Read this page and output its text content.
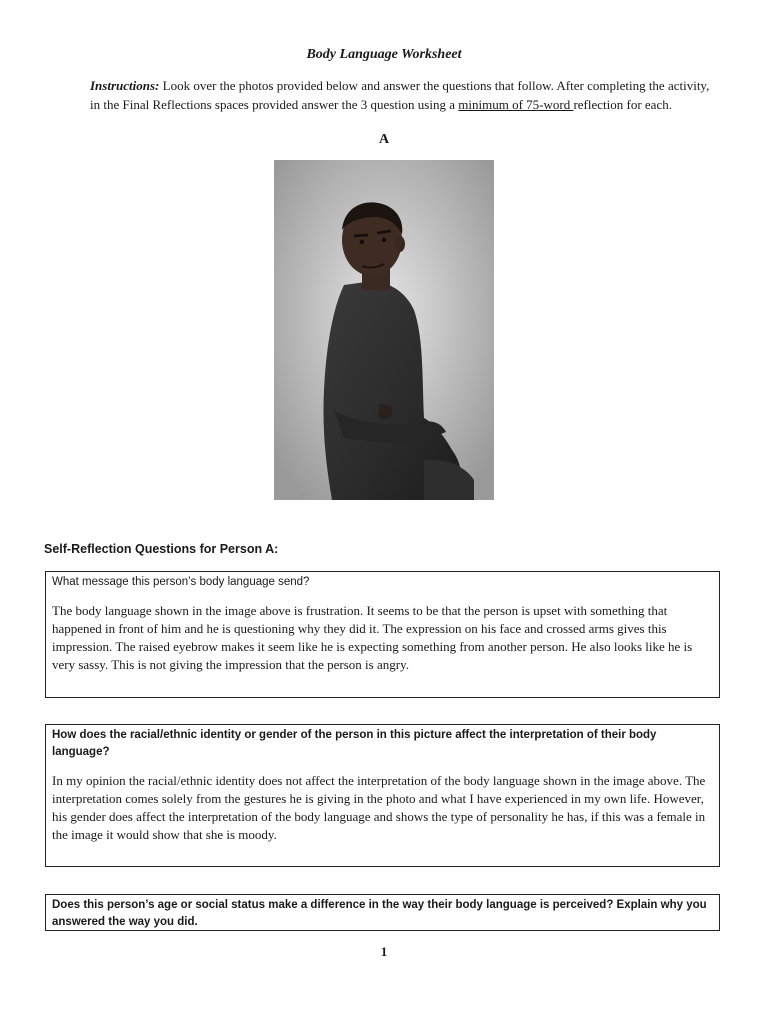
Body Language Worksheet
Instructions: Look over the photos provided below and answer the questions that follow. After completing the activity, in the Final Reflections spaces provided answer the 3 question using a minimum of 75-word reflection for each.
A
Self-Reflection Questions for Person A:
What message this person’s body language send?
The body language shown in the image above is frustration. It seems to be that the person is upset with something that happened in front of him and he is questioning why they did it. The expression on his face and crossed arms gives this impression. The raised eyebrow makes it seem like he is expecting something from another person. He also looks like he is very sassy. This is not giving the impression that the person is angry.
How does the racial/ethnic identity or gender of the person in this picture affect the interpretation of their body language?
In my opinion the racial/ethnic identity does not affect the interpretation of the body language shown in the image above. The interpretation comes solely from the gestures he is giving in the photo and what I have experienced in my own life. However, his gender does affect the interpretation of the body language and shows the type of personality he has, if this was a female in the image it would show that she is moody.
Does this person’s age or social status make a difference in the way their body language is perceived? Explain why you answered the way you did.
1
